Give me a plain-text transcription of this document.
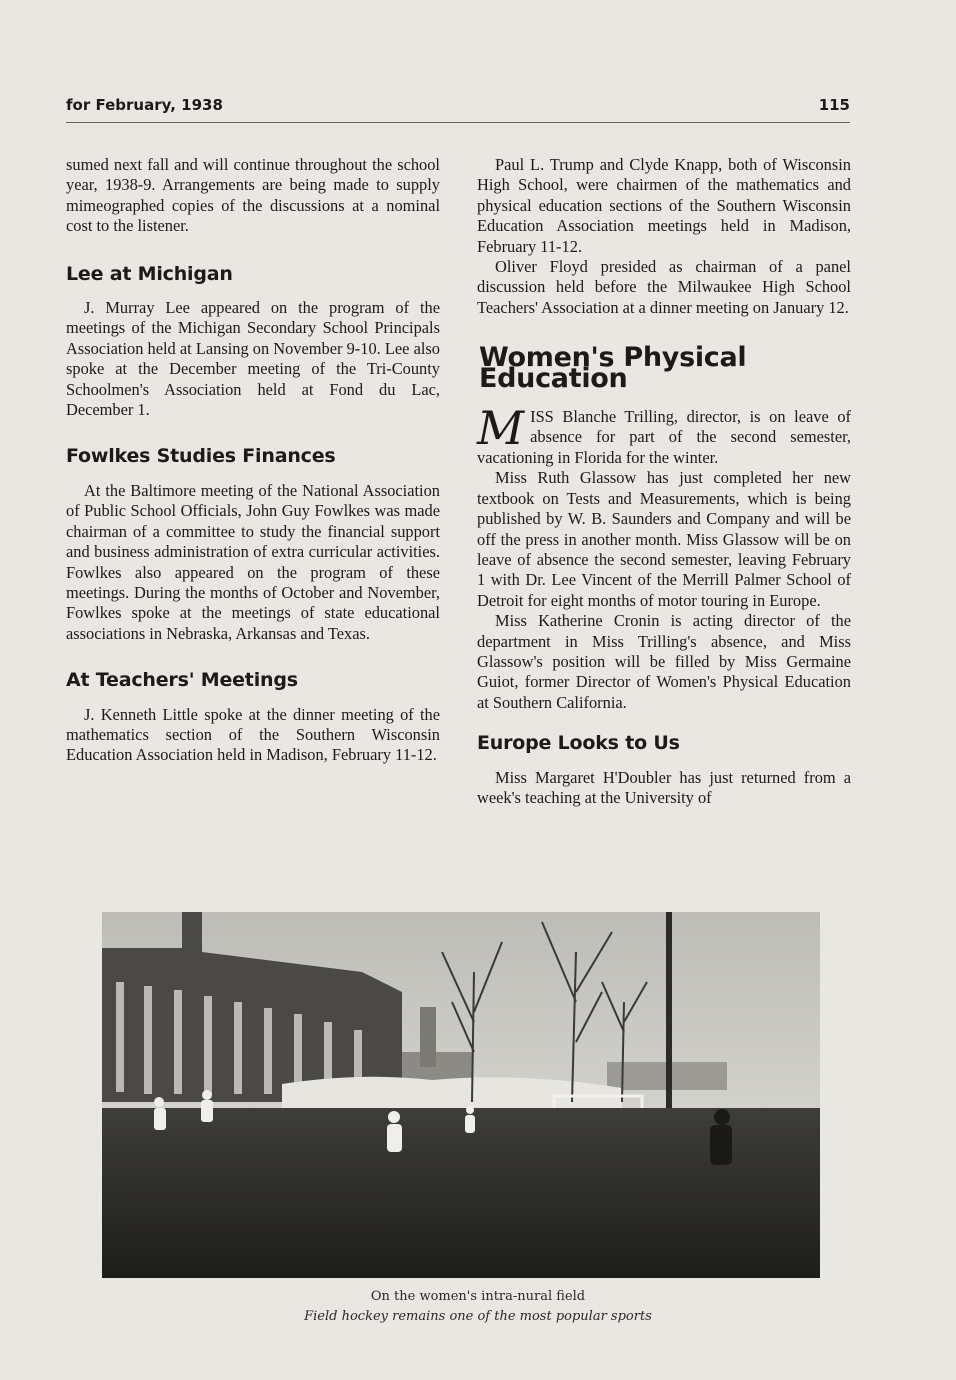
for February, 1938	115

sumed next fall and will continue throughout the school year, 1938-9. Arrangements are being made to supply mimeographed copies of the discussions at a nominal cost to the listener.

Lee at Michigan

J. Murray Lee appeared on the program of the meetings of the Michigan Secondary School Principals Association held at Lansing on November 9-10. Lee also spoke at the December meeting of the Tri-County Schoolmen's Association held at Fond du Lac, December 1.

Fowlkes Studies Finances

At the Baltimore meeting of the National Association of Public School Officials, John Guy Fowlkes was made chairman of a committee to study the financial support and business administration of extra curricular activities. Fowlkes also appeared on the program of these meetings. During the months of October and November, Fowlkes spoke at the meetings of state educational associations in Nebraska, Arkansas and Texas.

At Teachers' Meetings

J. Kenneth Little spoke at the dinner meeting of the mathematics section of the Southern Wisconsin Education Association held in Madison, February 11-12.

Paul L. Trump and Clyde Knapp, both of Wisconsin High School, were chairmen of the mathematics and physical education sections of the Southern Wisconsin Education Association meetings held in Madison, February 11-12.

Oliver Floyd presided as chairman of a panel discussion held before the Milwaukee High School Teachers' Association at a dinner meeting on January 12.

Women's Physical Education

MISS Blanche Trilling, director, is on leave of absence for part of the second semester, vacationing in Florida for the winter.

Miss Ruth Glassow has just completed her new textbook on Tests and Measurements, which is being published by W. B. Saunders and Company and will be off the press in another month. Miss Glassow will be on leave of absence the second semester, leaving February 1 with Dr. Lee Vincent of the Merrill Palmer School of Detroit for eight months of motor touring in Europe.

Miss Katherine Cronin is acting director of the department in Miss Trilling's absence, and Miss Glassow's position will be filled by Miss Germaine Guiot, former Director of Women's Physical Education at Southern California.

Europe Looks to Us

Miss Margaret H'Doubler has just returned from a week's teaching at the University of

On the women's intra-nural field
Field hockey remains one of the most popular sports
